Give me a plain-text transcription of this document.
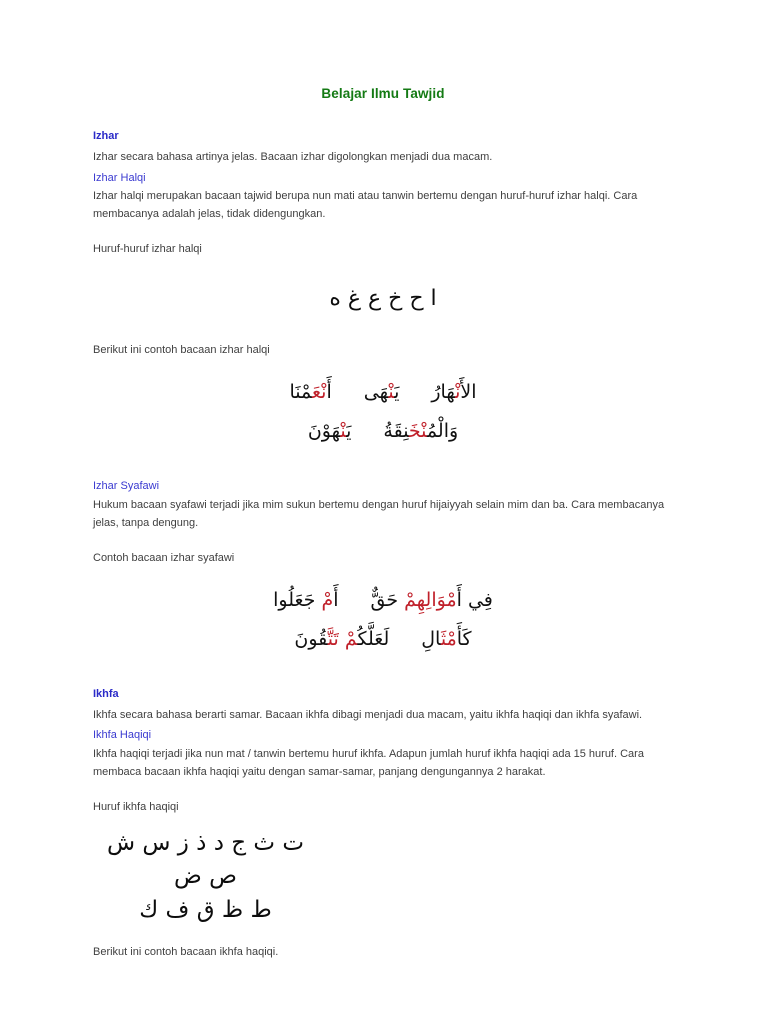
Belajar Ilmu Tawjid
Izhar

Izhar secara bahasa artinya jelas. Bacaan izhar digolongkan menjadi dua macam.

Izhar Halqi

Izhar halqi merupakan bacaan tajwid berupa nun mati atau tanwin bertemu dengan huruf-huruf izhar halqi. Cara membacanya adalah jelas, tidak didengungkan.

Huruf-huruf izhar halqi

ا ح خ ع غ ه

Berikut ini contoh bacaan izhar halqi

الأَنْهَارُيَنْهَىأَنْعَمْنَا
وَالْمُنْخَنِقَةُيَنْهَوْنَ
Izhar Syafawi

Hukum bacaan syafawi terjadi jika mim sukun bertemu dengan huruf hijaiyyah selain mim dan ba. Cara membacanya jelas, tanpa dengung.

Contoh bacaan izhar syafawi

فِي أَمْوَالِهِمْ حَقٌّأَمْ جَعَلُوا
كَأَمْثَالِلَعَلَّكُمْ تَتَّقُونَ
Ikhfa

Ikhfa secara bahasa berarti samar. Bacaan ikhfa dibagi menjadi dua macam, yaitu ikhfa haqiqi dan ikhfa syafawi.

Ikhfa Haqiqi

Ikhfa haqiqi terjadi jika nun mat / tanwin bertemu huruf ikhfa. Adapun jumlah huruf ikhfa haqiqi ada 15 huruf. Cara membaca bacaan ikhfa haqiqi yaitu dengan samar-samar, panjang dengungannya 2 harakat.

Huruf ikhfa haqiqi

ت ث ج د ذ ز س ش ص ض
ط ظ ق ف ك

Berikut ini contoh bacaan ikhfa haqiqi.
